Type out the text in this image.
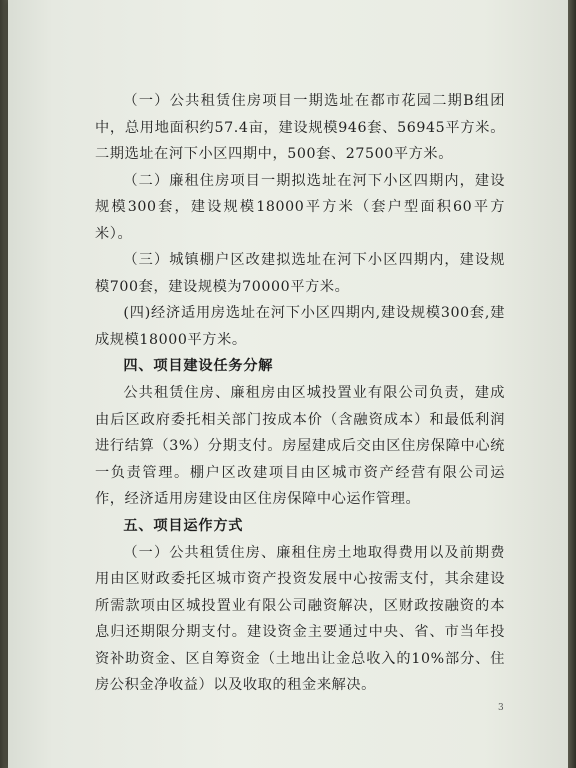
（一）公共租赁住房项目一期选址在都市花园二期B组团中，总用地面积约57.4亩，建设规模946套、56945平方米。二期选址在河下小区四期中，500套、27500平方米。

（二）廉租住房项目一期拟选址在河下小区四期内，建设规模300套，建设规模18000平方米（套户型面积60平方米）。

（三）城镇棚户区改建拟选址在河下小区四期内，建设规模700套，建设规模为70000平方米。

(四)经济适用房选址在河下小区四期内,建设规模300套,建成规模18000平方米。

四、项目建设任务分解

公共租赁住房、廉租房由区城投置业有限公司负责，建成由后区政府委托相关部门按成本价（含融资成本）和最低利润进行结算（3%）分期支付。房屋建成后交由区住房保障中心统一负责管理。棚户区改建项目由区城市资产经营有限公司运作，经济适用房建设由区住房保障中心运作管理。

五、项目运作方式

（一）公共租赁住房、廉租住房土地取得费用以及前期费用由区财政委托区城市资产投资发展中心按需支付，其余建设所需款项由区城投置业有限公司融资解决，区财政按融资的本息归还期限分期支付。建设资金主要通过中央、省、市当年投资补助资金、区自筹资金（土地出让金总收入的10%部分、住房公积金净收益）以及收取的租金来解决。

3
